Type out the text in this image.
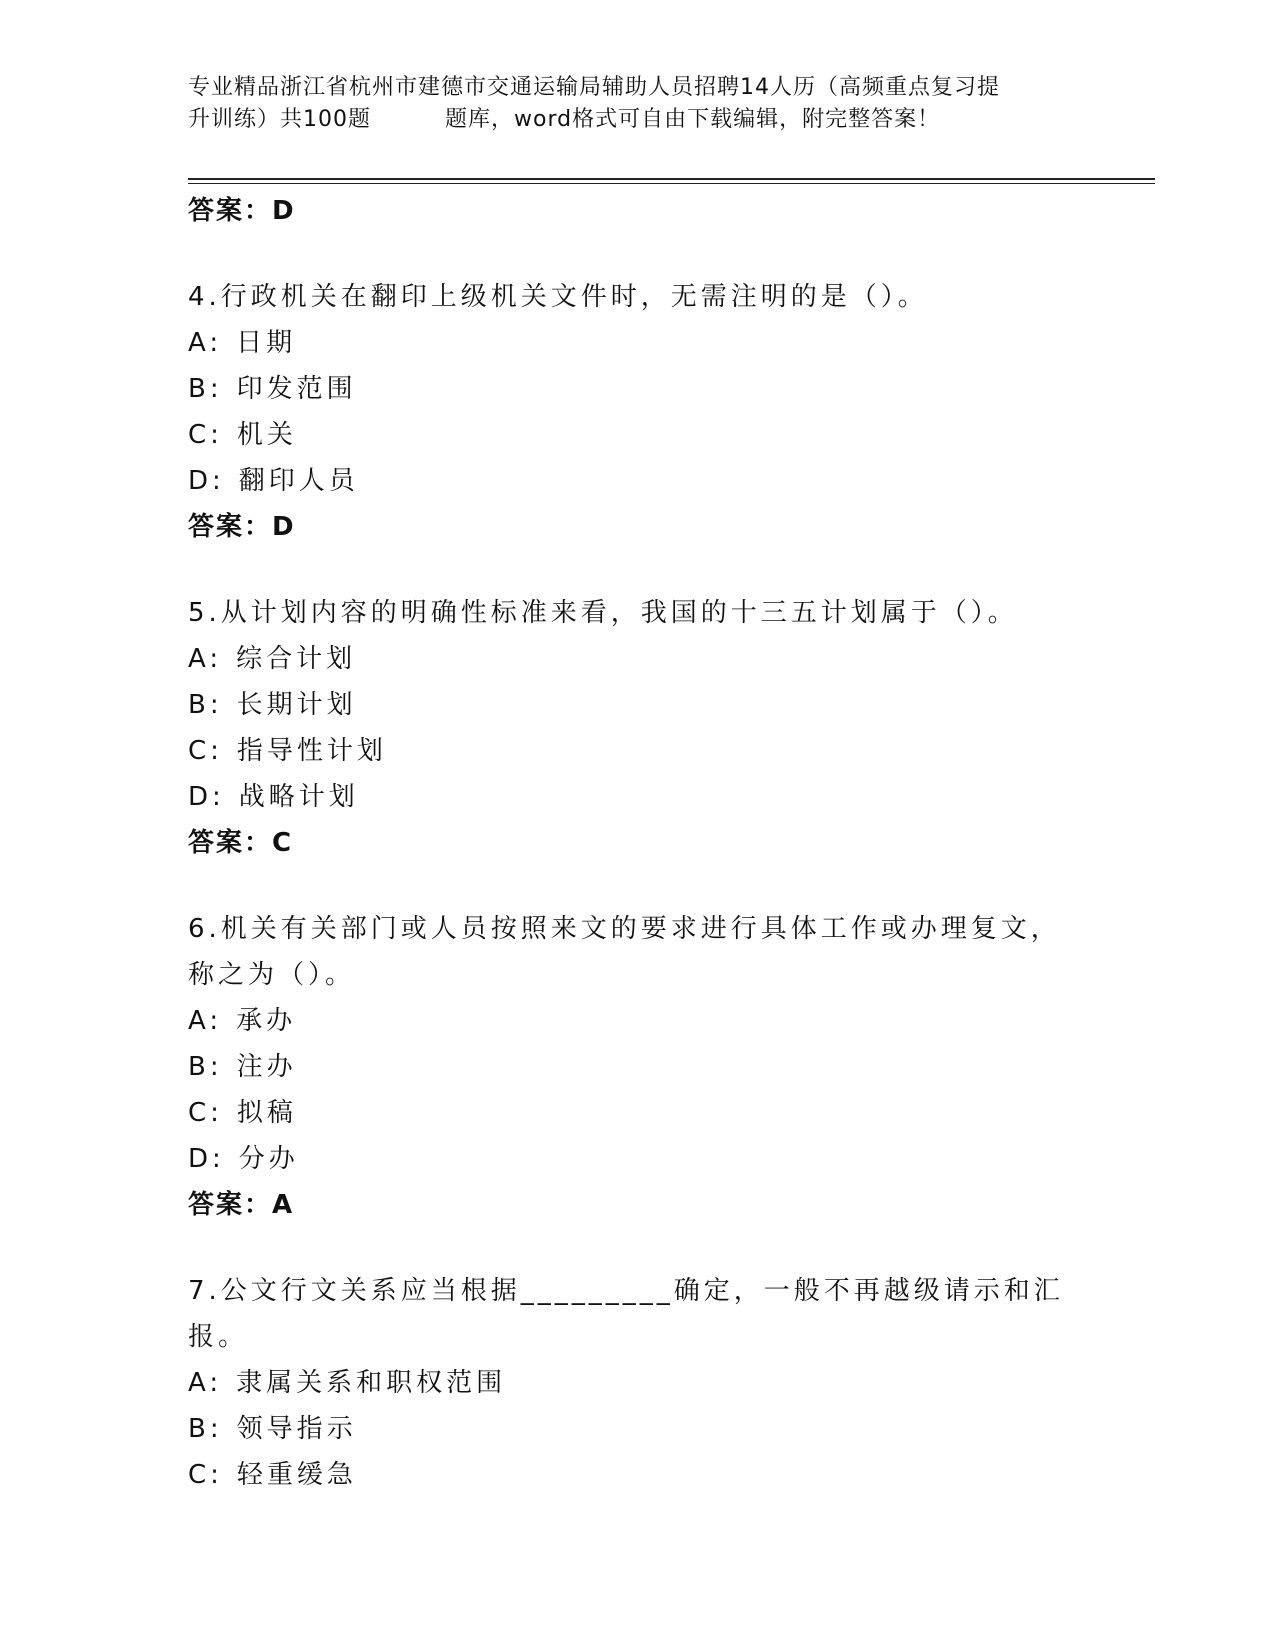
专业精品浙江省杭州市建德市交通运输局辅助人员招聘14人历（高频重点复习提
升训练）共100题	题库，word格式可自由下载编辑，附完整答案！
答案：D
4.行政机关在翻印上级机关文件时，无需注明的是（）。
A: 日期
B: 印发范围
C: 机关
D: 翻印人员
答案：D
5.从计划内容的明确性标准来看，我国的十三五计划属于（）。
A: 综合计划
B: 长期计划
C: 指导性计划
D: 战略计划
答案：C
6.机关有关部门或人员按照来文的要求进行具体工作或办理复文，称之为（）。
A: 承办
B: 注办
C: 拟稿
D: 分办
答案：A
7.公文行文关系应当根据_________确定，一般不再越级请示和汇报。
A: 隶属关系和职权范围
B: 领导指示
C: 轻重缓急
